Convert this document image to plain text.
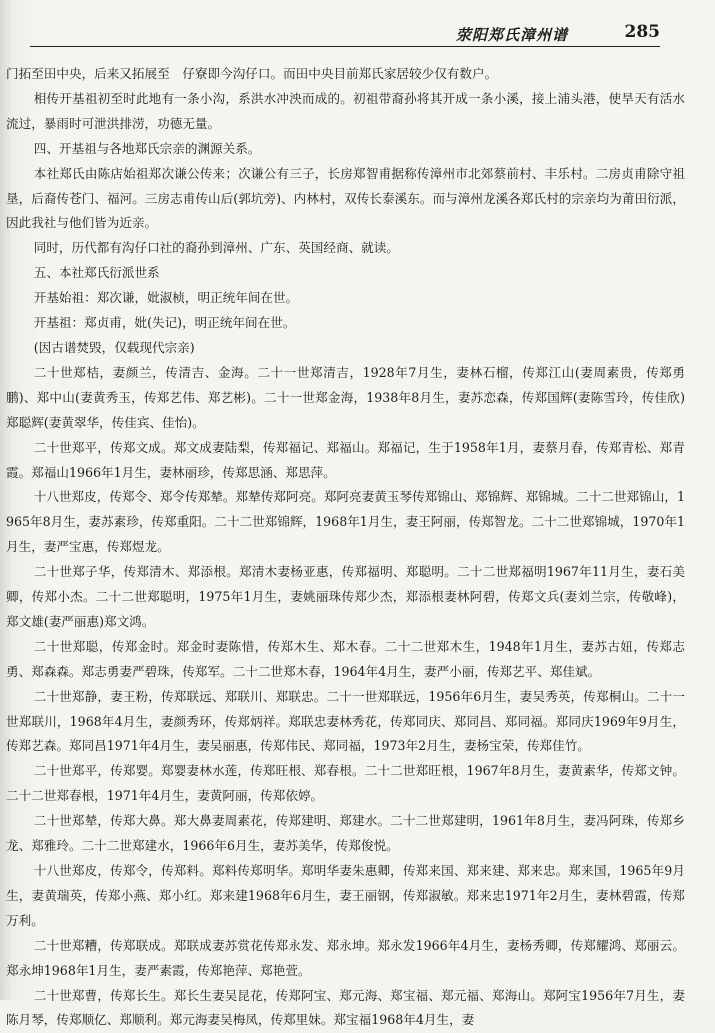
荥阳郑氏漳州谱	285

门拓至田中央，后来又拓展至　仔寮即今沟仔口。而田中央目前郑氏家居较少仅有数户。

相传开基祖初至时此地有一条小沟，系洪水冲泱而成的。初祖带裔孙将其开成一条小溪，接上浦头港，使旱天有活水流过，暴雨时可泄洪排涝，功德无量。

四、开基祖与各地郑氏宗亲的渊源关系。

本社郑氏由陈店始祖郑次谦公传来；次谦公有三子，长房郑智甫据称传漳州市北郊蔡前村、丰乐村。二房贞甫除守祖垦，后裔传苍门、福河。三房志甫传山后(郭坑旁)、内林村，双传长泰溪东。而与漳州龙溪各郑氏村的宗亲均为莆田衍派，因此我社与他们皆为近亲。

同时，历代都有沟仔口社的裔孙到漳州、广东、英国经商、就读。

五、本社郑氏衍派世系

开基始祖：郑次谦，妣淑桢，明正统年间在世。

开基祖：郑贞甫，妣(失记)，明正统年间在世。

(因古谱焚毁，仅载现代宗亲)

二十世郑桔，妻颜兰，传清吉、金海。二十一世郑清吉，1928年7月生，妻林石榴，传郑江山(妻周素贵，传郑勇鹏)、郑中山(妻黄秀玉，传郑艺伟、郑艺彬)。二十一世郑金海，1938年8月生，妻苏恋森，传郑国辉(妻陈雪玲，传佳欣)郑聪辉(妻黄翠华，传佳宾、佳怡)。

二十世郑平，传郑文成。郑文成妻陆梨，传郑福记、郑福山。郑福记，生于1958年1月，妻蔡月春，传郑青松、郑青霞。郑福山1966年1月生，妻林丽珍，传郑思涵、郑思萍。

十八世郑皮，传郑令、郑令传郑辇。郑辇传郑阿亮。郑阿亮妻黄玉琴传郑锦山、郑锦辉、郑锦城。二十二世郑锦山，1965年8月生，妻苏素珍，传郑重阳。二十二世郑锦辉，1968年1月生，妻王阿丽，传郑智龙。二十二世郑锦城，1970年1月生，妻严宝惠，传郑煜龙。

二十世郑子华，传郑清木、郑添根。郑清木妻杨亚惠，传郑福明、郑聪明。二十二世郑福明1967年11月生，妻石美卿，传郑小杰。二十二世郑聪明，1975年1月生，妻姚丽珠传郑少杰，郑添根妻林阿碧，传郑文兵(妻刘兰宗，传敬峰)，郑文雄(妻严丽惠)郑文鸿。

二十世郑聪，传郑金时。郑金时妻陈惜，传郑木生、郑木春。二十二世郑木生，1948年1月生，妻苏古妞，传郑志勇、郑森森。郑志勇妻严碧珠，传郑军。二十二世郑木春，1964年4月生，妻严小丽，传郑艺平、郑佳斌。

二十世郑静，妻王粉，传郑联远、郑联川、郑联忠。二十一世郑联远，1956年6月生，妻吴秀英，传郑桐山。二十一世郑联川，1968年4月生，妻颜秀环，传郑炳祥。郑联忠妻林秀花，传郑同庆、郑同昌、郑同福。郑同庆1969年9月生，传郑艺森。郑同昌1971年4月生，妻吴丽惠，传郑伟民、郑同福，1973年2月生，妻杨宝荣，传郑佳竹。

二十世郑平，传郑婴。郑婴妻林水莲，传郑旺根、郑春根。二十二世郑旺根，1967年8月生，妻黄素华，传郑文钟。二十二世郑春根，1971年4月生，妻黄阿丽，传郑依婷。

二十世郑辇，传郑大鼻。郑大鼻妻周素花，传郑建明、郑建水。二十二世郑建明，1961年8月生，妻冯阿珠，传郑乡龙、郑雅玲。二十二世郑建水，1966年6月生，妻苏美华，传郑俊悦。

十八世郑皮，传郑令，传郑料。郑料传郑明华。郑明华妻朱惠卿，传郑来国、郑来建、郑来忠。郑来国，1965年9月生，妻黄瑞英，传郑小燕、郑小红。郑来建1968年6月生，妻王丽钢，传郑淑敏。郑来忠1971年2月生，妻林碧霞，传郑万利。

二十世郑糟，传郑联成。郑联成妻苏赏花传郑永发、郑永坤。郑永发1966年4月生，妻杨秀卿，传郑耀鸿、郑丽云。郑永坤1968年1月生，妻严素霞，传郑艳萍、郑艳萱。

二十世郑曹，传郑长生。郑长生妻吴昆花，传郑阿宝、郑元海、郑宝福、郑元福、郑海山。郑阿宝1956年7月生，妻陈月琴，传郑顺亿、郑顺利。郑元海妻吴梅凤，传郑里妹。郑宝福1968年4月生，妻
